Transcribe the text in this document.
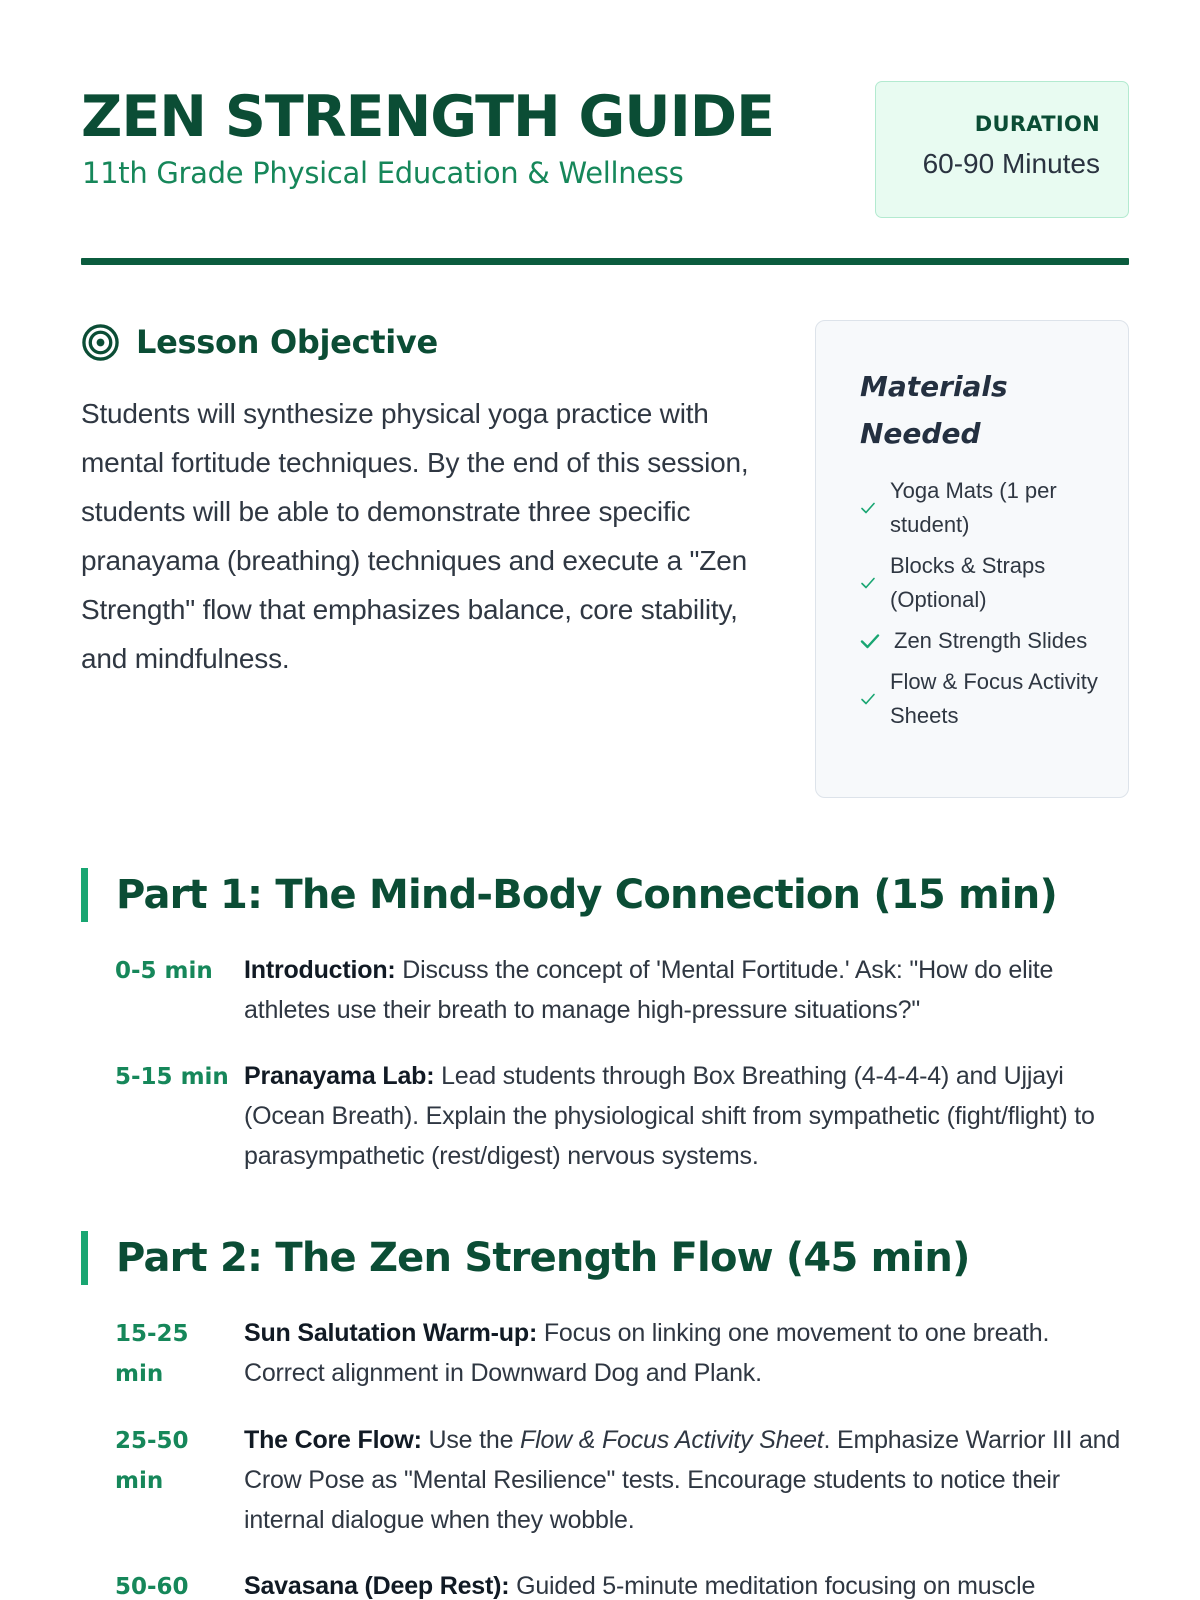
ZEN STRENGTH GUIDE
11th Grade Physical Education & Wellness
DURATION
60-90 Minutes
Lesson Objective

Students will synthesize physical yoga practice with mental fortitude techniques. By the end of this session, students will be able to demonstrate three specific pranayama (breathing) techniques and execute a "Zen Strength" flow that emphasizes balance, core stability, and mindfulness.

Materials Needed
Yoga Mats (1 per student)
Blocks & Straps (Optional)
Zen Strength Slides
Flow & Focus Activity Sheets
Part 1: The Mind-Body Connection (15 min)
0-5 min	Introduction: Discuss the concept of 'Mental Fortitude.' Ask: "How do elite athletes use their breath to manage high-pressure situations?"
5-15 min Pranayama Lab: Lead students through Box Breathing (4-4-4-4) and Ujjayi (Ocean Breath). Explain the physiological shift from sympathetic (fight/flight) to parasympathetic (rest/digest) nervous systems.
Part 2: The Zen Strength Flow (45 min)
15-25 min
Sun Salutation Warm-up: Focus on linking one movement to one breath. Correct alignment in Downward Dog and Plank.
25-50 min
The Core Flow: Use the Flow & Focus Activity Sheet. Emphasize Warrior III and Crow Pose as "Mental Resilience" tests. Encourage students to notice their internal dialogue when they wobble.
50-60	Savasana (Deep Rest): Guided 5-minute meditation focusing on muscle
